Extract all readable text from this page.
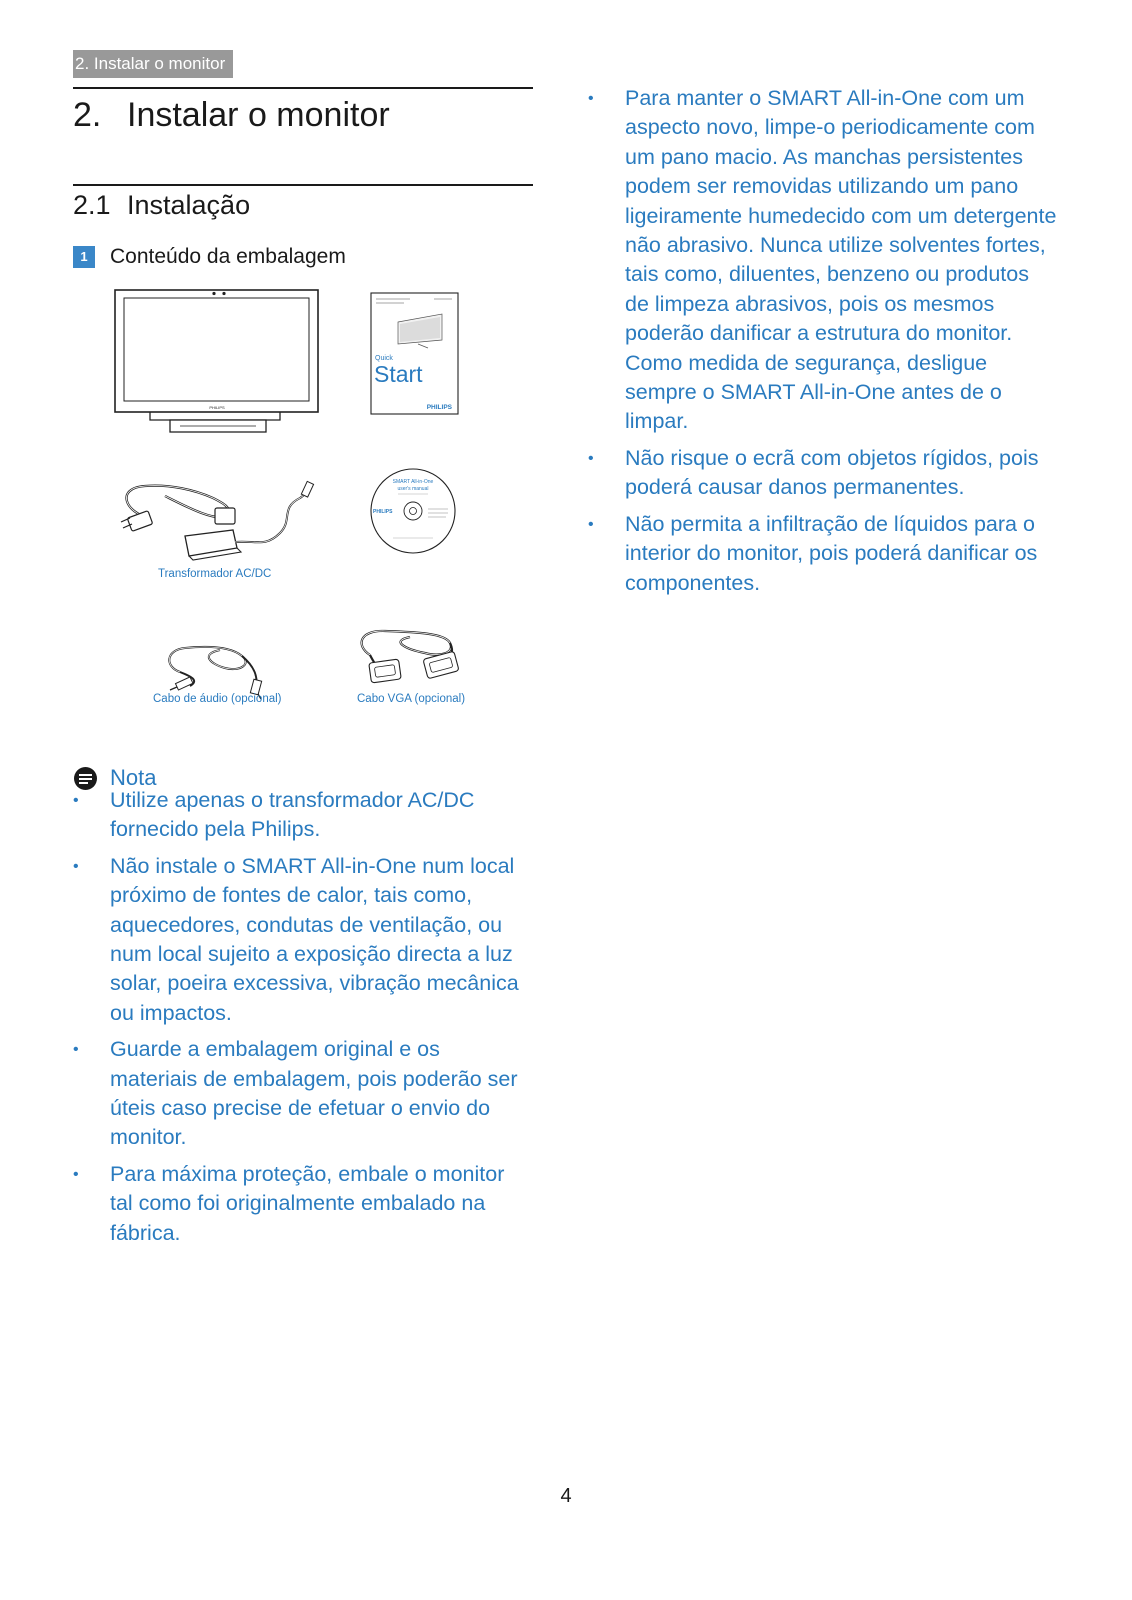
2. Instalar o monitor
2. Instalar o monitor
2.1 Instalação
1	Conteúdo da embalagem
PHILIPS
Quick
Start
PHILIPS
Transformador AC/DC
SMART All-in-One
user's manual
PHILIPS
Cabo de áudio (opcional)	Cabo VGA (opcional)
Nota
• Utilize apenas o transformador AC/DC fornecido pela Philips.
• Não instale o SMART All-in-One num local próximo de fontes de calor, tais como, aquecedores, condutas de ventilação, ou num local sujeito a exposição directa a luz solar, poeira excessiva, vibração mecânica ou impactos.
• Guarde a embalagem original e os materiais de embalagem, pois poderão ser úteis caso precise de efetuar o envio do monitor.
• Para máxima proteção, embale o monitor tal como foi originalmente embalado na fábrica.
• Para manter o SMART All-in-One com um aspecto novo, limpe-o periodicamente com um pano macio. As manchas persistentes podem ser removidas utilizando um pano ligeiramente humedecido com um detergente não abrasivo. Nunca utilize solventes fortes, tais como, diluentes, benzeno ou produtos de limpeza abrasivos, pois os mesmos poderão danificar a estrutura do monitor. Como medida de segurança, desligue sempre o SMART All-in-One antes de o limpar.
• Não risque o ecrã com objetos rígidos, pois poderá causar danos permanentes.
• Não permita a infiltração de líquidos para o interior do monitor, pois poderá danificar os componentes.
4
